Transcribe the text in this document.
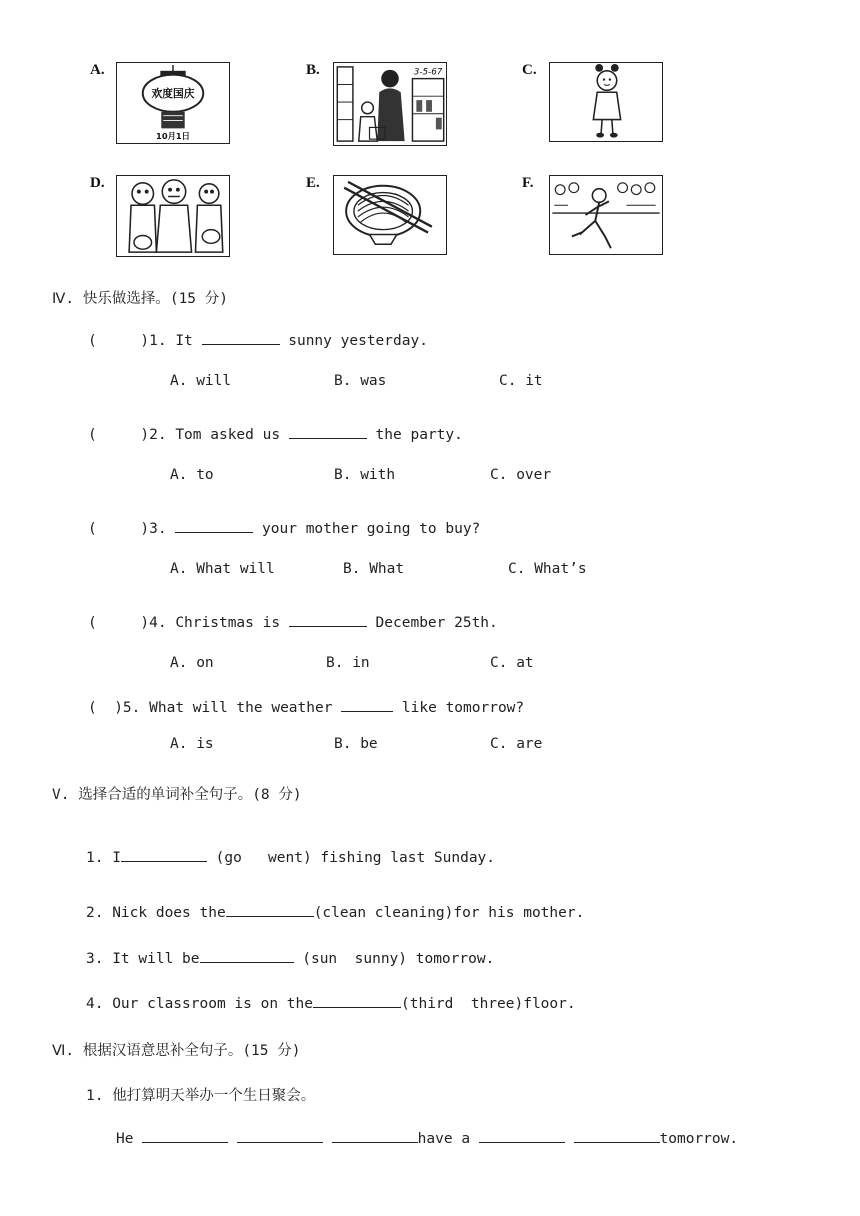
A.
欢度国庆
10月1日
B.	3-5-67	C.
D.	E.	F.
Ⅳ. 快乐做选择。(15 分)
(     )1. It	sunny yesterday.
A. will	B. was	C. it
(     )2. Tom asked us	the party.
A. to	B. with	C. over
(     )3.	your mother going to buy?
A. What will	B. What	C. What’s
(     )4. Christmas is	December 25th.
A. on	B. in	C. at
(  )5. What will the weather	like tomorrow?
A. is	B. be	C. are
V. 选择合适的单词补全句子。(8 分)
1. I	(go   went) fishing last Sunday.
2. Nick does the	(clean cleaning)for his mother.
3. It will be	(sun  sunny) tomorrow.
4. Our classroom is on the	(third  three)floor.
Ⅵ. 根据汉语意思补全句子。(15 分)
1. 他打算明天举办一个生日聚会。
He	have a	tomorrow.
